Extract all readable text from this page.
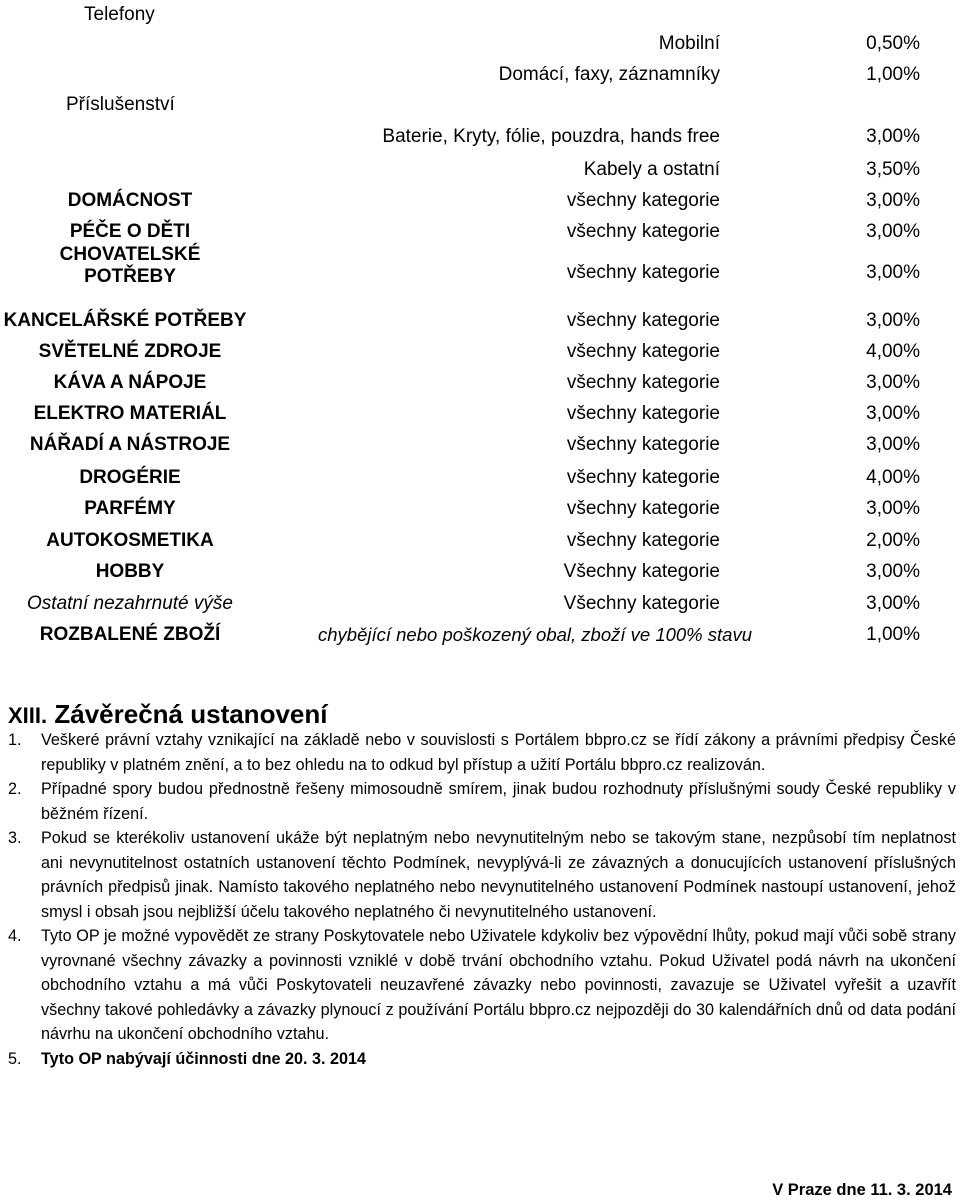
Telefony
Mobilní	0,50%
Domácí, faxy, záznamníky	1,00%
Příslušenství
Baterie, Kryty, fólie, pouzdra, hands free	3,00%
Kabely a ostatní	3,50%
DOMÁCNOST	všechny kategorie	3,00%
PÉČE O DĚTI	všechny kategorie	3,00%
CHOVATELSKÉ
POTŘEBY	všechny kategorie	3,00%
KANCELÁŘSKÉ POTŘEBY	všechny kategorie	3,00%
SVĚTELNÉ ZDROJE	všechny kategorie	4,00%
KÁVA A NÁPOJE	všechny kategorie	3,00%
ELEKTRO MATERIÁL	všechny kategorie	3,00%
NÁŘADÍ A NÁSTROJE	všechny kategorie	3,00%
DROGÉRIE	všechny kategorie	4,00%
PARFÉMY	všechny kategorie	3,00%
AUTOKOSMETIKA	všechny kategorie	2,00%
HOBBY	Všechny kategorie	3,00%
Ostatní nezahrnuté výše	Všechny kategorie	3,00%
ROZBALENÉ ZBOŽÍ	chybějící nebo poškozený obal, zboží ve 100% stavu	1,00%
XIII. Závěrečná ustanovení
1. Veškeré právní vztahy vznikající na základě nebo v souvislosti s Portálem bbpro.cz se řídí zákony a právními předpisy České republiky v platném znění, a to bez ohledu na to odkud byl přístup a užití Portálu bbpro.cz realizován.
2. Případné spory budou přednostně řešeny mimosoudně smírem, jinak budou rozhodnuty příslušnými soudy České republiky v běžném řízení.
3. Pokud se kterékoliv ustanovení ukáže být neplatným nebo nevynutitelným nebo se takovým stane, nezpůsobí tím neplatnost ani nevynutitelnost ostatních ustanovení těchto Podmínek, nevyplývá-li ze závazných a donucujících ustanovení příslušných právních předpisů jinak. Namísto takového neplatného nebo nevynutitelného ustanovení Podmínek nastoupí ustanovení, jehož smysl i obsah jsou nejbližší účelu takového neplatného či nevynutitelného ustanovení.
4. Tyto OP je možné vypovědět ze strany Poskytovatele nebo Uživatele kdykoliv bez výpovědní lhůty, pokud mají vůči sobě strany vyrovnané všechny závazky a povinnosti vzniklé v době trvání obchodního vztahu. Pokud Uživatel podá návrh na ukončení obchodního vztahu a má vůči Poskytovateli neuzavřené závazky nebo povinnosti, zavazuje se Uživatel vyřešit a uzavřít všechny takové pohledávky a závazky plynoucí z používání Portálu bbpro.cz nejpozději do 30 kalendářních dnů od data podání návrhu na ukončení obchodního vztahu.
5. Tyto OP nabývají účinnosti dne 20. 3. 2014
V Praze dne 11. 3. 2014
